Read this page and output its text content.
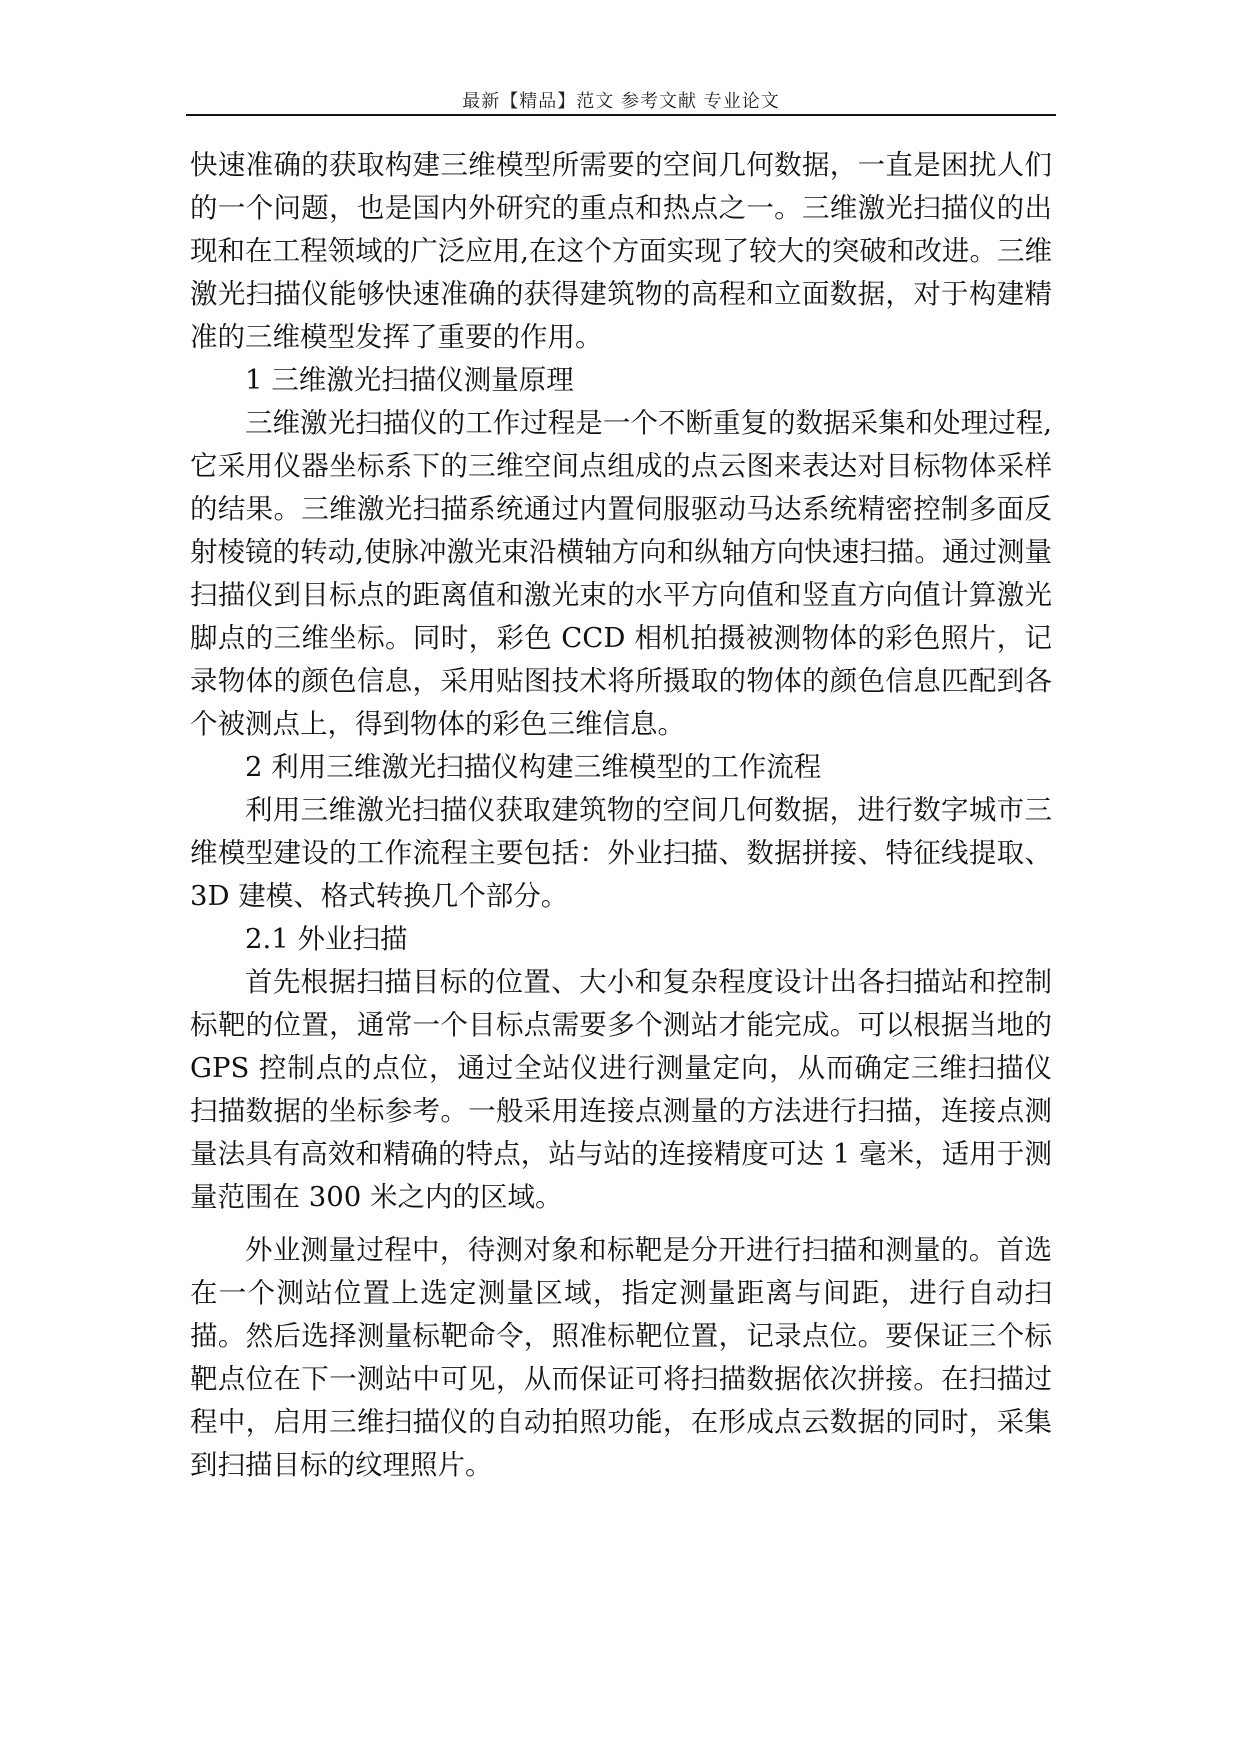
最新【精品】范文 参考文献 专业论文

快速准确的获取构建三维模型所需要的空间几何数据，一直是困扰人们的一个问题，也是国内外研究的重点和热点之一。三维激光扫描仪的出现和在工程领域的广泛应用,在这个方面实现了较大的突破和改进。三维激光扫描仪能够快速准确的获得建筑物的高程和立面数据，对于构建精准的三维模型发挥了重要的作用。

1 三维激光扫描仪测量原理

三维激光扫描仪的工作过程是一个不断重复的数据采集和处理过程,它采用仪器坐标系下的三维空间点组成的点云图来表达对目标物体采样的结果。三维激光扫描系统通过内置伺服驱动马达系统精密控制多面反射棱镜的转动,使脉冲激光束沿横轴方向和纵轴方向快速扫描。通过测量扫描仪到目标点的距离值和激光束的水平方向值和竖直方向值计算激光脚点的三维坐标。同时，彩色 CCD 相机拍摄被测物体的彩色照片，记录物体的颜色信息，采用贴图技术将所摄取的物体的颜色信息匹配到各个被测点上，得到物体的彩色三维信息。

2 利用三维激光扫描仪构建三维模型的工作流程

利用三维激光扫描仪获取建筑物的空间几何数据，进行数字城市三维模型建设的工作流程主要包括：外业扫描、数据拼接、特征线提取、3D 建模、格式转换几个部分。

2.1 外业扫描

首先根据扫描目标的位置、大小和复杂程度设计出各扫描站和控制标靶的位置，通常一个目标点需要多个测站才能完成。可以根据当地的 GPS 控制点的点位，通过全站仪进行测量定向，从而确定三维扫描仪扫描数据的坐标参考。一般采用连接点测量的方法进行扫描，连接点测量法具有高效和精确的特点，站与站的连接精度可达 1 毫米，适用于测量范围在 300 米之内的区域。

外业测量过程中，待测对象和标靶是分开进行扫描和测量的。首选在一个测站位置上选定测量区域，指定测量距离与间距，进行自动扫描。然后选择测量标靶命令，照准标靶位置，记录点位。要保证三个标靶点位在下一测站中可见，从而保证可将扫描数据依次拼接。在扫描过程中，启用三维扫描仪的自动拍照功能，在形成点云数据的同时，采集到扫描目标的纹理照片。
